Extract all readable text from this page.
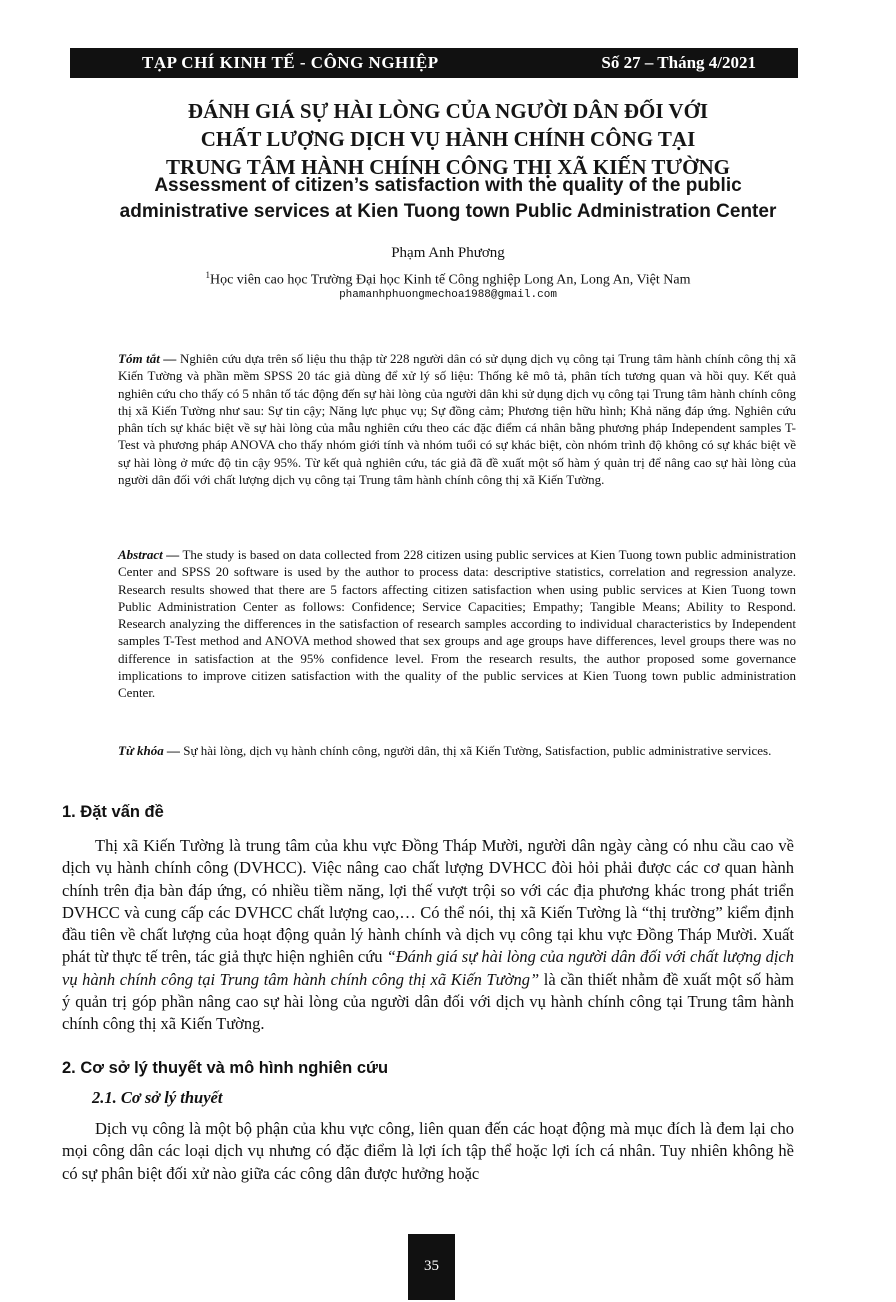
TẠP CHÍ KINH TẾ - CÔNG NGHIỆP	Số 27 – Tháng 4/2021
ĐÁNH GIÁ SỰ HÀI LÒNG CỦA NGƯỜI DÂN ĐỐI VỚI
CHẤT LƯỢNG DỊCH VỤ HÀNH CHÍNH CÔNG TẠI
TRUNG TÂM HÀNH CHÍNH CÔNG THỊ XÃ KIẾN TƯỜNG
Assessment of citizen’s satisfaction with the quality of the public
administrative services at Kien Tuong town Public Administration Center
Phạm Anh Phương
$^1$Học viên cao học Trường Đại học Kinh tế Công nghiệp Long An, Long An, Việt Nam
phamanhphuongmechoa1988@gmail.com
Tóm tắt — Nghiên cứu dựa trên số liệu thu thập từ 228 người dân có sử dụng dịch vụ công tại Trung tâm hành chính công thị xã Kiến Tường và phần mềm SPSS 20 tác giả dùng để xử lý số liệu: Thống kê mô tả, phân tích tương quan và hồi quy. Kết quả nghiên cứu cho thấy có 5 nhân tố tác động đến sự hài lòng của người dân khi sử dụng dịch vụ công tại Trung tâm hành chính công thị xã Kiến Tường như sau: Sự tin cậy; Năng lực phục vụ; Sự đồng cảm; Phương tiện hữu hình; Khả năng đáp ứng. Nghiên cứu phân tích sự khác biệt về sự hài lòng của mẫu nghiên cứu theo các đặc điểm cá nhân bằng phương pháp Independent samples T-Test và phương pháp ANOVA cho thấy nhóm giới tính và nhóm tuổi có sự khác biệt, còn nhóm trình độ không có sự khác biệt về sự hài lòng ở mức độ tin cậy 95%. Từ kết quả nghiên cứu, tác giả đã đề xuất một số hàm ý quản trị để nâng cao sự hài lòng của người dân đối với chất lượng dịch vụ công tại Trung tâm hành chính công thị xã Kiến Tường.
Abstract — The study is based on data collected from 228 citizen using public services at Kien Tuong town public administration Center and SPSS 20 software is used by the author to process data: descriptive statistics, correlation and regression analyze. Research results showed that there are 5 factors affecting citizen satisfaction when using public services at Kien Tuong town Public Administration Center as follows: Confidence; Service Capacities; Empathy; Tangible Means; Ability to Respond. Research analyzing the differences in the satisfaction of research samples according to individual characteristics by Independent samples T-Test method and ANOVA method showed that sex groups and age groups have differences, level groups there was no difference in satisfaction at the 95% confidence level. From the research results, the author proposed some governance implications to improve citizen satisfaction with the quality of the public services at Kien Tuong town public administration Center.
Từ khóa — Sự hài lòng, dịch vụ hành chính công, người dân, thị xã Kiến Tường, Satisfaction, public administrative services.
1. Đặt vấn đề
Thị xã Kiến Tường là trung tâm của khu vực Đồng Tháp Mười, người dân ngày càng có nhu cầu cao về dịch vụ hành chính công (DVHCC). Việc nâng cao chất lượng DVHCC đòi hỏi phải được các cơ quan hành chính trên địa bàn đáp ứng, có nhiều tiềm năng, lợi thế vượt trội so với các địa phương khác trong phát triển DVHCC và cung cấp các DVHCC chất lượng cao,… Có thể nói, thị xã Kiến Tường là “thị trường” kiểm định đầu tiên về chất lượng của hoạt động quản lý hành chính và dịch vụ công tại khu vực Đồng Tháp Mười. Xuất phát từ thực tế trên, tác giả thực hiện nghiên cứu “Đánh giá sự hài lòng của người dân đối với chất lượng dịch vụ hành chính công tại Trung tâm hành chính công thị xã Kiến Tường” là cần thiết nhằm đề xuất một số hàm ý quản trị góp phần nâng cao sự hài lòng của người dân đối với dịch vụ hành chính công tại Trung tâm hành chính công thị xã Kiến Tường.
2. Cơ sở lý thuyết và mô hình nghiên cứu
2.1. Cơ sở lý thuyết
Dịch vụ công là một bộ phận của khu vực công, liên quan đến các hoạt động mà mục đích là đem lại cho mọi công dân các loại dịch vụ nhưng có đặc điểm là lợi ích tập thể hoặc lợi ích cá nhân. Tuy nhiên không hề có sự phân biệt đối xử nào giữa các công dân được hưởng hoặc
35
